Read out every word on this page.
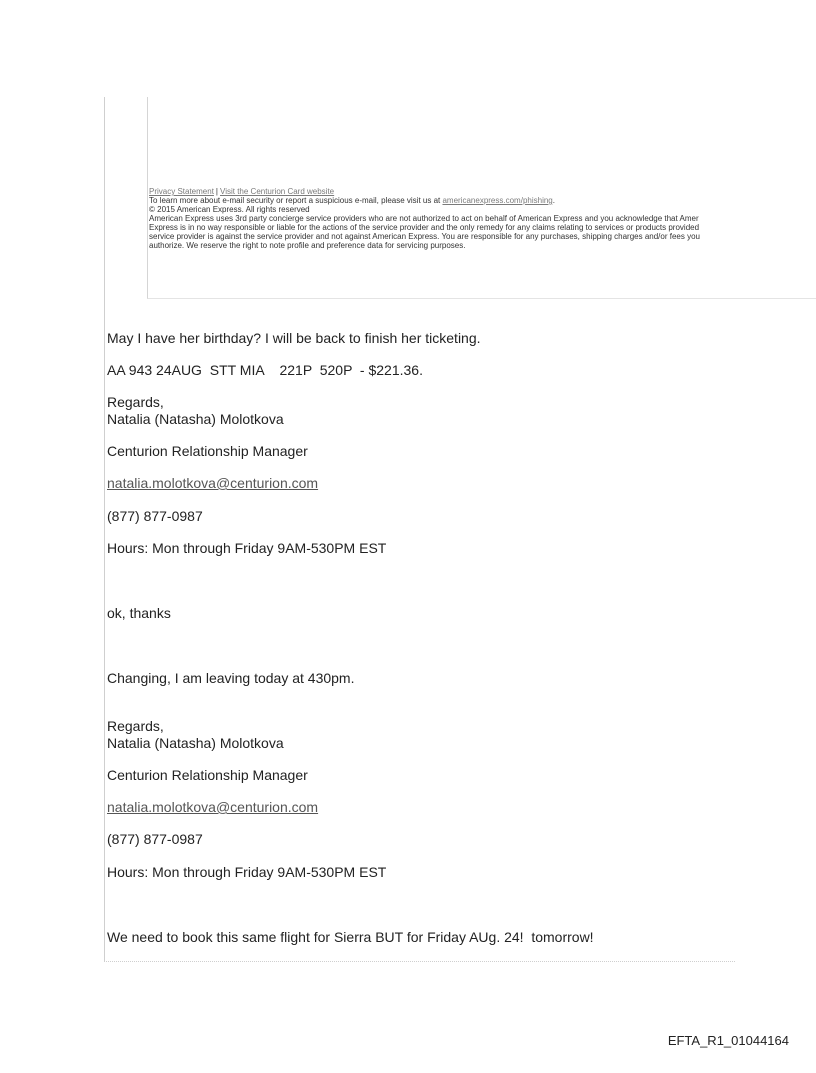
Privacy Statement | Visit the Centurion Card website
To learn more about e-mail security or report a suspicious e-mail, please visit us at americanexpress.com/phishing.
© 2015 American Express. All rights reserved
American Express uses 3rd party concierge service providers who are not authorized to act on behalf of American Express and you acknowledge that Amer
Express is in no way responsible or liable for the actions of the service provider and the only remedy for any claims relating to services or products provided
service provider is against the service provider and not against American Express. You are responsible for any purchases, shipping charges and/or fees you
authorize. We reserve the right to note profile and preference data for servicing purposes.
May I have her birthday? I will be back to finish her ticketing.
AA 943 24AUG  STT MIA    221P  520P  - $221.36.
Regards,
Natalia (Natasha) Molotkova
Centurion Relationship Manager
natalia.molotkova@centurion.com
(877) 877-0987
Hours: Mon through Friday 9AM-530PM EST
ok, thanks
Changing, I am leaving today at 430pm.
Regards,
Natalia (Natasha) Molotkova
Centurion Relationship Manager
natalia.molotkova@centurion.com
(877) 877-0987
Hours: Mon through Friday 9AM-530PM EST
We need to book this same flight for Sierra BUT for Friday AUg. 24!  tomorrow!
EFTA_R1_01044164
